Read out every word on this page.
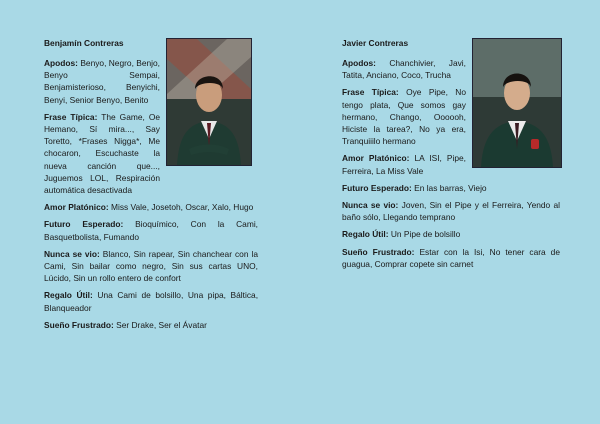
Benjamín Contreras
Apodos: Benyo, Negro, Benjo, Benyo Sempai, Benjamisterioso, Benyichi, Benyi, Senior Benyo, Benito
Frase Típica: The Game, Oe Hemano, Sí mira..., Say Toretto, *Frases Nigga*, Me chocaron, Escuchaste la nueva canción que..., Juguemos LOL, Respiración automática desactivada
Amor Platónico: Miss Vale, Josetoh, Oscar, Xalo, Hugo
Futuro Esperado: Bioquímico, Con la Cami, Basquetbolista, Fumando
Nunca se vio: Blanco, Sin rapear, Sin chanchear con la Cami, Sin bailar como negro, Sin sus cartas UNO, Lúcido, Sin un rollo entero de confort
Regalo Útil: Una Cami de bolsillo, Una pipa, Báltica, Blanqueador
Sueño Frustrado: Ser Drake, Ser el Ávatar
Javier Contreras
Apodos: Chanchivier, Javi, Tatita, Anciano, Coco, Trucha
Frase Típica: Oye Pipe, No tengo plata, Que somos gay hermano, Chango, Oooooh, Hiciste la tarea?, No ya era, Tranquiiilo hermano
Amor Platónico: LA ISI, Pipe, Ferreira, La Miss Vale
Futuro Esperado: En las barras, Viejo
Nunca se vio: Joven, Sin el Pipe y el Ferreira, Yendo al baño sólo, Llegando temprano
Regalo Útil: Un Pipe de bolsillo
Sueño Frustrado: Estar con la Isi, No tener cara de guagua, Comprar copete sin carnet
